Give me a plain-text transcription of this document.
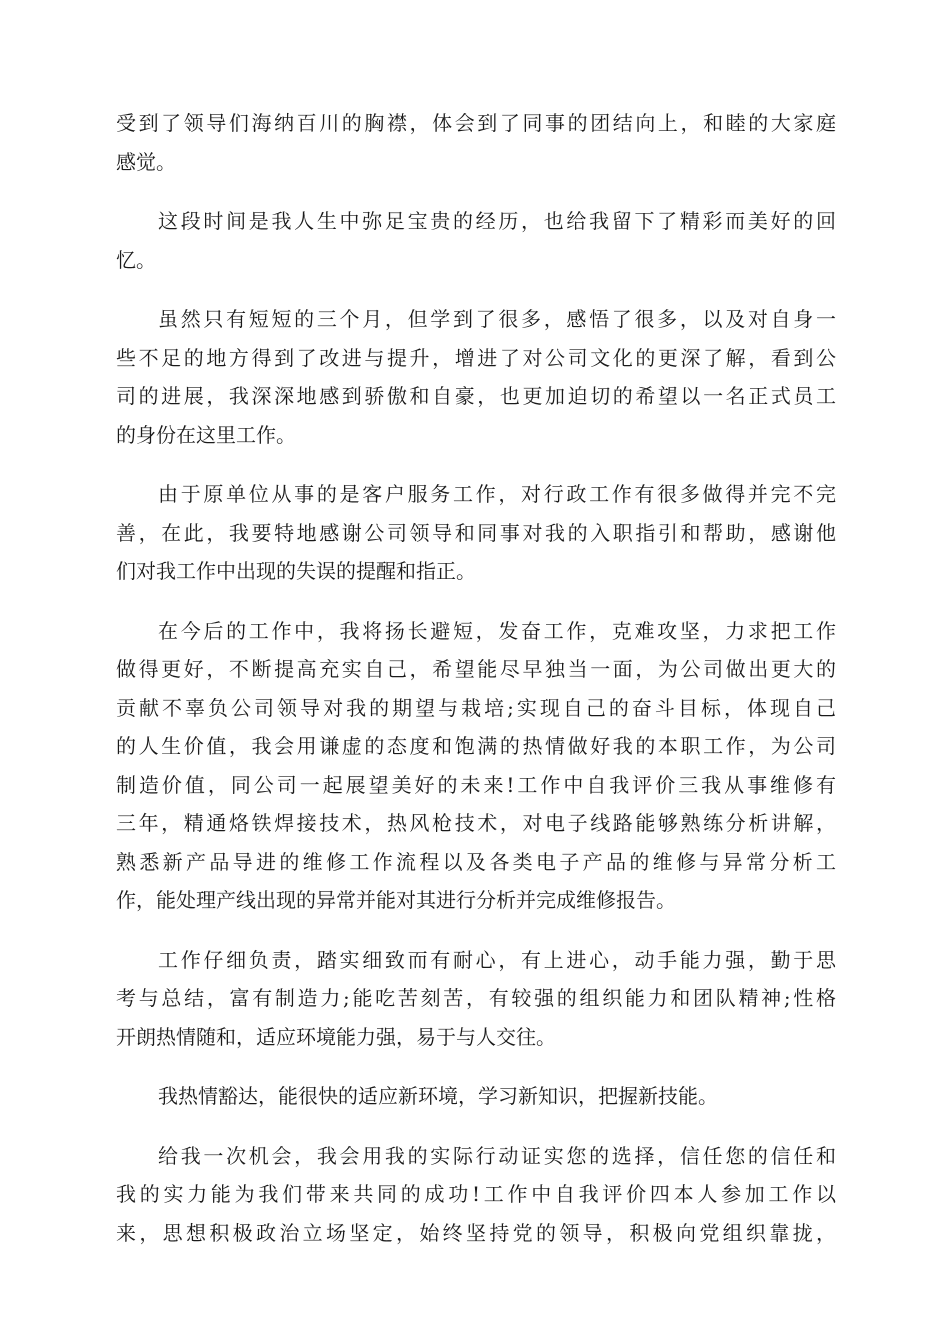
受到了领导们海纳百川的胸襟，体会到了同事的团结向上，和睦的大家庭
感觉。

这段时间是我人生中弥足宝贵的经历，也给我留下了精彩而美好的回
忆。

虽然只有短短的三个月，但学到了很多，感悟了很多，以及对自身一
些不足的地方得到了改进与提升，增进了对公司文化的更深了解，看到公
司的进展，我深深地感到骄傲和自豪，也更加迫切的希望以一名正式员工
的身份在这里工作。

由于原单位从事的是客户服务工作，对行政工作有很多做得并完不完
善，在此，我要特地感谢公司领导和同事对我的入职指引和帮助，感谢他
们对我工作中出现的失误的提醒和指正。

在今后的工作中，我将扬长避短，发奋工作，克难攻坚，力求把工作
做得更好，不断提高充实自己，希望能尽早独当一面，为公司做出更大的
贡献不辜负公司领导对我的期望与栽培;实现自己的奋斗目标，体现自己
的人生价值，我会用谦虚的态度和饱满的热情做好我的本职工作，为公司
制造价值，同公司一起展望美好的未来!工作中自我评价三我从事维修有
三年，精通烙铁焊接技术，热风枪技术，对电子线路能够熟练分析讲解，
熟悉新产品导进的维修工作流程以及各类电子产品的维修与异常分析工
作，能处理产线出现的异常并能对其进行分析并完成维修报告。

工作仔细负责，踏实细致而有耐心，有上进心，动手能力强，勤于思
考与总结，富有制造力;能吃苦刻苦，有较强的组织能力和团队精神;性格
开朗热情随和，适应环境能力强，易于与人交往。

我热情豁达，能很快的适应新环境，学习新知识，把握新技能。

给我一次机会，我会用我的实际行动证实您的选择，信任您的信任和
我的实力能为我们带来共同的成功!工作中自我评价四本人参加工作以
来，思想积极政治立场坚定，始终坚持党的领导，积极向党组织靠拢，
